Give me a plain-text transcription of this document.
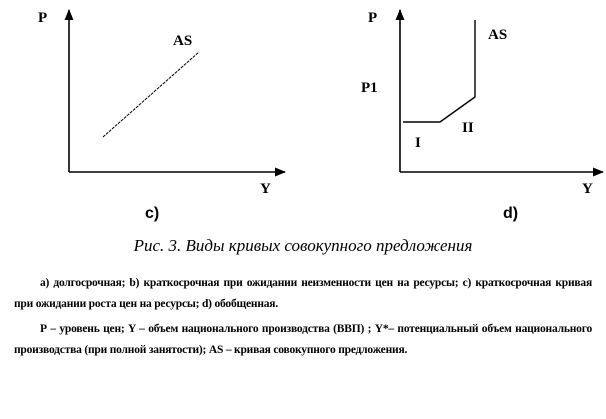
P
Y
AS
c)
P
P1
Y
AS
I
II
d)
Рис. 3. Виды кривых совокупного предложения

а) долгосрочная; b) краткосрочная при ожидании неизменности цен на ресурсы; с) краткосрочная кривая при ожидании роста цен на ресурсы; d) обобщенная.

Р – уровень цен; Y – объем национального производства (ВВП) ; Y*– потенциальный объем национального производства (при полной занятости); AS – кривая совокупного предложения.
